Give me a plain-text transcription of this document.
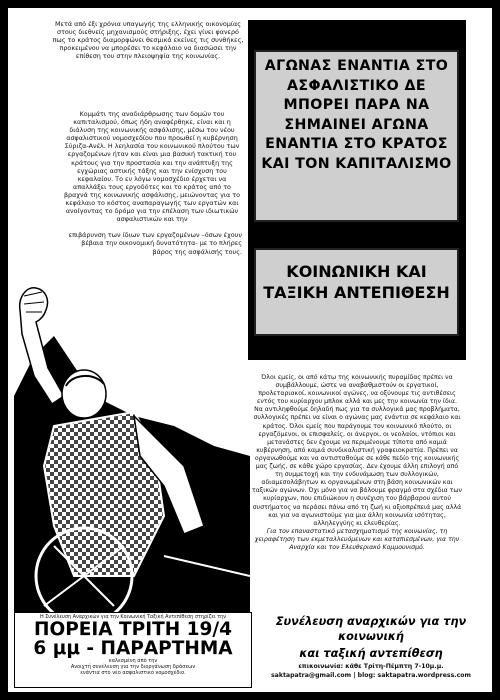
Μετά από έξι χρόνια υπαγωγής της ελληνικής οικονομίας στους διεθνείς μηχανισμούς στήριξης, έχει γίνει φανερό πως το κράτος διαμορφώνει θεσμικά εκείνες τις συνθήκες, προκειμένου να μπορέσει το κεφάλαιο να διασώσει την επίθεση του στην πλειοψηφία της κοινωνίας.

Κομμάτι της αναδιάρθρωσης των δομών του καπιταλισμού, όπως ήδη αναφέρθηκε, είναι και η διάλυση της κοινωνικής ασφάλισης, μέσω του νέου ασφαλιστικού νομοσχεδίου που προωθεί η κυβέρνηση Σύριζα-Ανέλ. Η λεηλασία του κοινωνικού πλούτου των εργαζομένων ήταν και είναι μια βασική τακτική του κράτους για την προστασία και την ανάπτυξη της εγχώριας αστικής τάξης και την ενίσχυση του κεφαλαίου. Το εν λόγω νομοσχέδιο έρχεται να απαλλάξει τους εργοδότες και το κράτος από το βραχνά της κοινωνικής ασφάλισης, μειώνοντας για το κεφάλαιο το κόστος αναπαραγωγής των εργατών και ανοίγοντας το δρόμο για την επέλαση των ιδιωτικών ασφαλιστικών και την

επιβάρυνση των ίδιων των εργαζομένων –όσων έχουν βέβαια την οικονομική δυνατότητα- με το πλήρες βάρος της ασφάλισής τους.

ΑΓΩΝΑΣ ΕΝΑΝΤΙΑ ΣΤΟ ΑΣΦΑΛΙΣΤΙΚΟ ΔΕ ΜΠΟΡΕΙ ΠΑΡΑ ΝΑ ΣΗΜΑΙΝΕΙ ΑΓΩΝΑ ΕΝΑΝΤΙΑ ΣΤΟ ΚΡΑΤΟΣ ΚΑΙ ΤΟΝ ΚΑΠΙΤΑΛΙΣΜΟ
ΚΟΙΝΩΝΙΚΗ ΚΑΙ ΤΑΞΙΚΗ ΑΝΤΕΠΙΘΕΣΗ

Όλοι εμείς, οι από κάτω της κοινωνικής πυραμίδας πρέπει να συμβάλλουμε, ώστε να αναβαθμιστούν οι εργατικοί, προλεταριακοί, κοινωνικοί αγώνες, να οξύνουμε τις αντιθέσεις εντός του κυρίαρχου μπλοκ αλλά και μες την κοινωνία την ίδια.

Να αντιληφθούμε δηλαδή πως για τα συλλογικά μας προβλήματα, συλλογικές πρέπει να είναι ο αγώνας μας ενάντια σε κεφάλαιο και κράτος. Όλοι εμείς που παράγουμε τον κοινωνικό πλούτο, οι εργαζόμενοι, οι επισφαλείς, οι άνεργοι, οι νεολαίοι, ντόπιοι και μετανάστες δεν έχουμε να περιμένουμε τίποτα από καμιά κυβέρνηση, από καμιά συνδικαλιστική γραφειοκρατία. Πρέπει να οργανωθούμε και να αντισταθούμε σε κάθε πεδίο της κοινωνικής μας ζωής, σε κάθε χώρο εργασίας. Δεν έχουμε άλλη επιλογή από τη συμμετοχή και την ενδυνάμωση των συλλογικών, αδιαμεσολάβητων κι οργανωμένων στη βάση κοινωνικών και ταξικών αγώνων. Όχι μόνο για να βάλουμε φραγμό στα σχέδια των κυρίαρχων, που επιδιώκουν η συνέχιση του βάρβαρου αυτού συστήματος να περάσει πάνω από τη ζωή κι αξιοπρέπειά μας αλλά και για να αγωνιστούμε για μια άλλη κοινωνία ισότητας, αλληλεγγύης κι ελευθερίας.

Για τον επαναστατικό μετασχηματισμό της κοινωνίας, τη χειραφέτηση των εκμεταλλευόμενων και καταπιεσμένων, για την Αναρχία και τον Ελευθεριακό Κομμουνισμό.

Η Συνέλευση Αναρχικών για την Κοινωνική Ταξική Αντεπίθεση στηρίζει την
ΠΟΡΕΙΑ ΤΡΙΤΗ 19/4
6 μμ - ΠΑΡΑΡΤΗΜΑ
καλεσμένη από την
Ανοιχτή συνέλευση για την διοργάνωση δράσεων
ενάντια στο νέο ασφαλιστικό νομοσχέδιο.
Συνέλευση αναρχικών για την κοινωνική
και ταξική αντεπίθεση
επικοινωνία: κάθε Τρίτη-Πέμπτη 7-10μ.μ.
saktapatra@gmail.com | blog: saktapatra.wordpress.com
